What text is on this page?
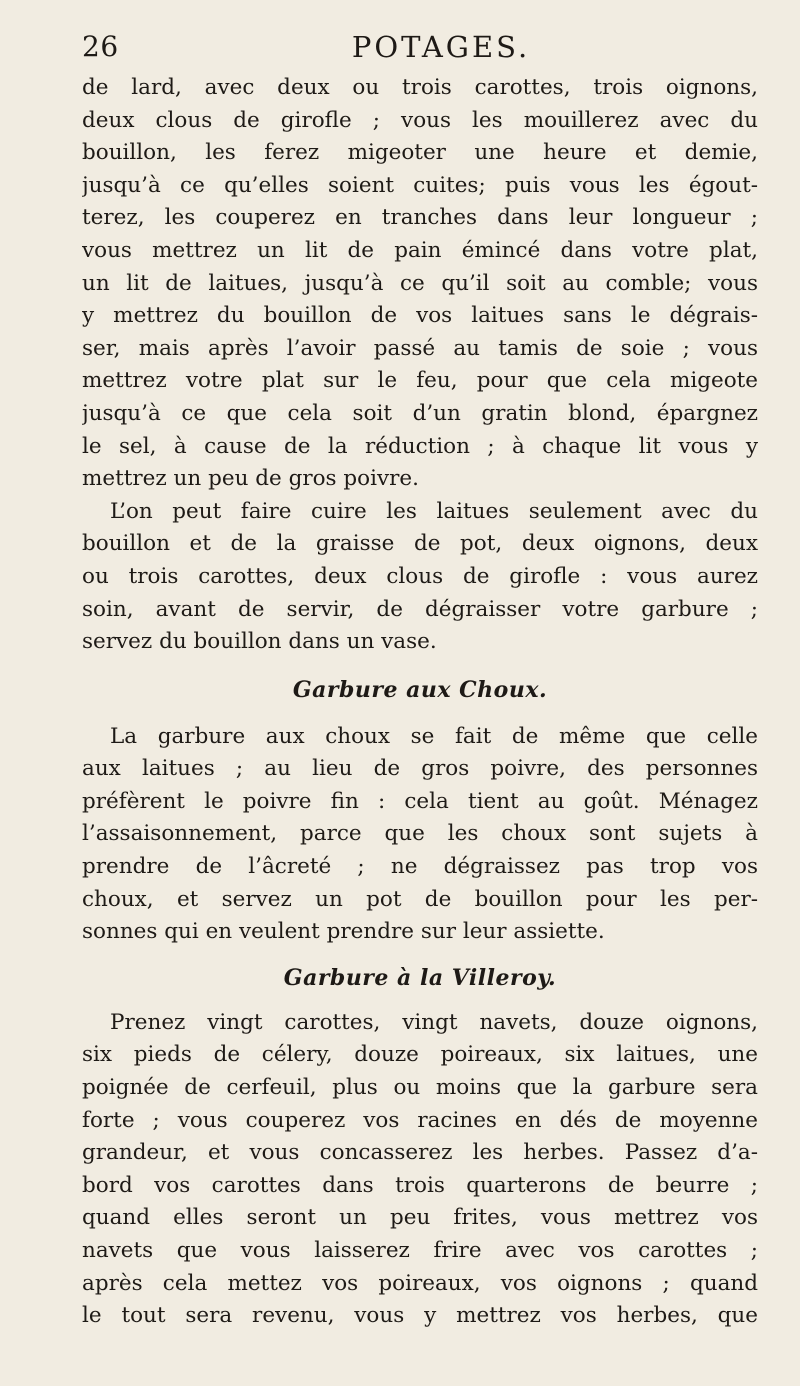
26	POTAGES.
de lard, avec deux ou trois carottes, trois oignons,
deux clous de girofle ; vous les mouillerez avec du
bouillon, les ferez migeoter une heure et demie,
jusqu’à ce qu’elles soient cuites; puis vous les égout-
terez, les couperez en tranches dans leur longueur ;
vous mettrez un lit de pain émincé dans votre plat,
un lit de laitues, jusqu’à ce qu’il soit au comble; vous
y mettrez du bouillon de vos laitues sans le dégrais-
ser, mais après l’avoir passé au tamis de soie ; vous
mettrez votre plat sur le feu, pour que cela migeote
jusqu’à ce que cela soit d’un gratin blond, épargnez
le sel, à cause de la réduction ; à chaque lit vous y
mettrez un peu de gros poivre.
L’on peut faire cuire les laitues seulement avec du
bouillon et de la graisse de pot, deux oignons, deux
ou trois carottes, deux clous de girofle : vous aurez
soin, avant de servir, de dégraisser votre garbure ;
servez du bouillon dans un vase.
Garbure aux Choux.
La garbure aux choux se fait de même que celle
aux laitues ; au lieu de gros poivre, des personnes
préfèrent le poivre fin : cela tient au goût. Ménagez
l’assaisonnement, parce que les choux sont sujets à
prendre de l’âcreté ; ne dégraissez pas trop vos
choux, et servez un pot de bouillon pour les per-
sonnes qui en veulent prendre sur leur assiette.
Garbure à la Villeroy.
Prenez vingt carottes, vingt navets, douze oignons,
six pieds de célery, douze poireaux, six laitues, une
poignée de cerfeuil, plus ou moins que la garbure sera
forte ; vous couperez vos racines en dés de moyenne
grandeur, et vous concasserez les herbes. Passez d’a-
bord vos carottes dans trois quarterons de beurre ;
quand elles seront un peu frites, vous mettrez vos
navets que vous laisserez frire avec vos carottes ;
après cela mettez vos poireaux, vos oignons ; quand
le tout sera revenu, vous y mettrez vos herbes, que
